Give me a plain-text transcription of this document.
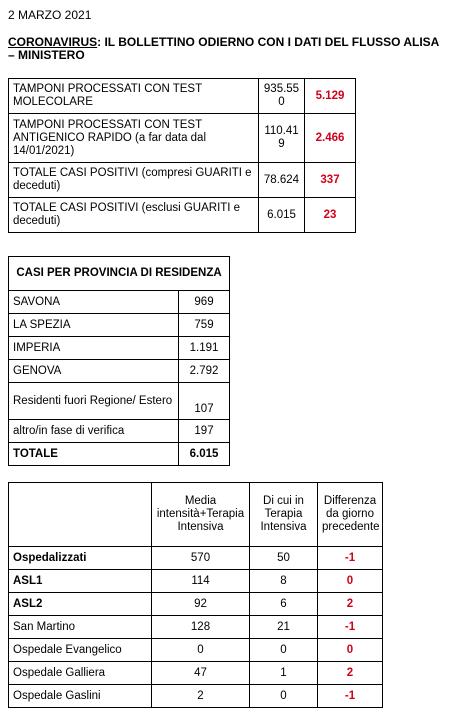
2 MARZO 2021
CORONAVIRUS: IL BOLLETTINO ODIERNO CON I DATI DEL FLUSSO ALISA – MINISTERO
TAMPONI PROCESSATI CON TEST MOLECOLARE	935.550	5.129
TAMPONI PROCESSATI CON TEST ANTIGENICO RAPIDO (a far data dal 14/01/2021)	110.419	2.466
TOTALE CASI POSITIVI (compresi GUARITI e deceduti)	78.624	337
TOTALE CASI POSITIVI (esclusi GUARITI e deceduti)	6.015	23
CASI PER PROVINCIA DI RESIDENZA	
SAVONA	969
LA SPEZIA	759
IMPERIA	1.191
GENOVA	2.792
Residenti fuori Regione/ Estero	107
altro/in fase di verifica	197
TOTALE	6.015
	Media intensità+Terapia Intensiva	Di cui in Terapia Intensiva	Differenza da giorno precedente
Ospedalizzati	570	50	-1
ASL1	114	8	0
ASL2	92	6	2
San Martino	128	21	-1
Ospedale Evangelico	0	0	0
Ospedale Galliera	47	1	2
Ospedale Gaslini	2	0	-1
